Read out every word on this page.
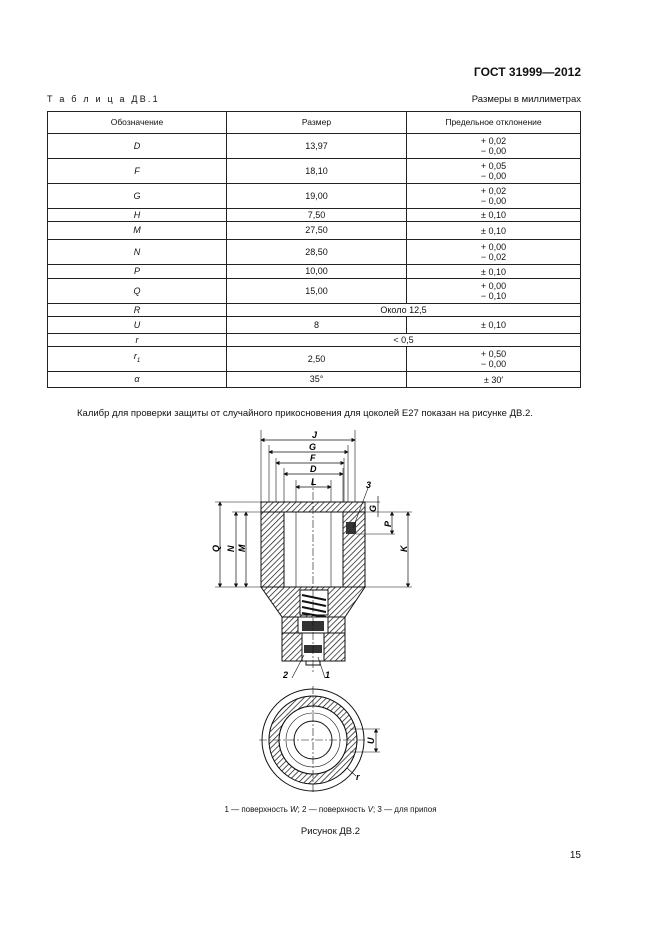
ГОСТ 31999—2012
Т а б л и ц а ДВ.1	Размеры в миллиметрах
Обозначение	Размер	Предельное отклонение
D	13,97	+ 0,02
− 0,00

F	18,10	+ 0,05
− 0,00

G	19,00	+ 0,02
− 0,00

H	7,50	± 0,10

M	27,50	± 0,10

N	28,50	+ 0,00
− 0,02

P	10,00	± 0,10

Q	15,00	+ 0,00
− 0,10

R	Около 12,5	
U	8	± 0,10

r	< 0,5	
$r_1$	2,50	+ 0,50
− 0,00

α	35°	± 30′
Калибр для проверки защиты от случайного прикосновения для цоколей E27 показан на рисунке ДВ.2.
J
G
F
D
L
Q N M
G
P
K
3
2	1
U
r
1 — поверхность W; 2 — поверхность V; 3 — для припоя
Рисунок ДВ.2
15
